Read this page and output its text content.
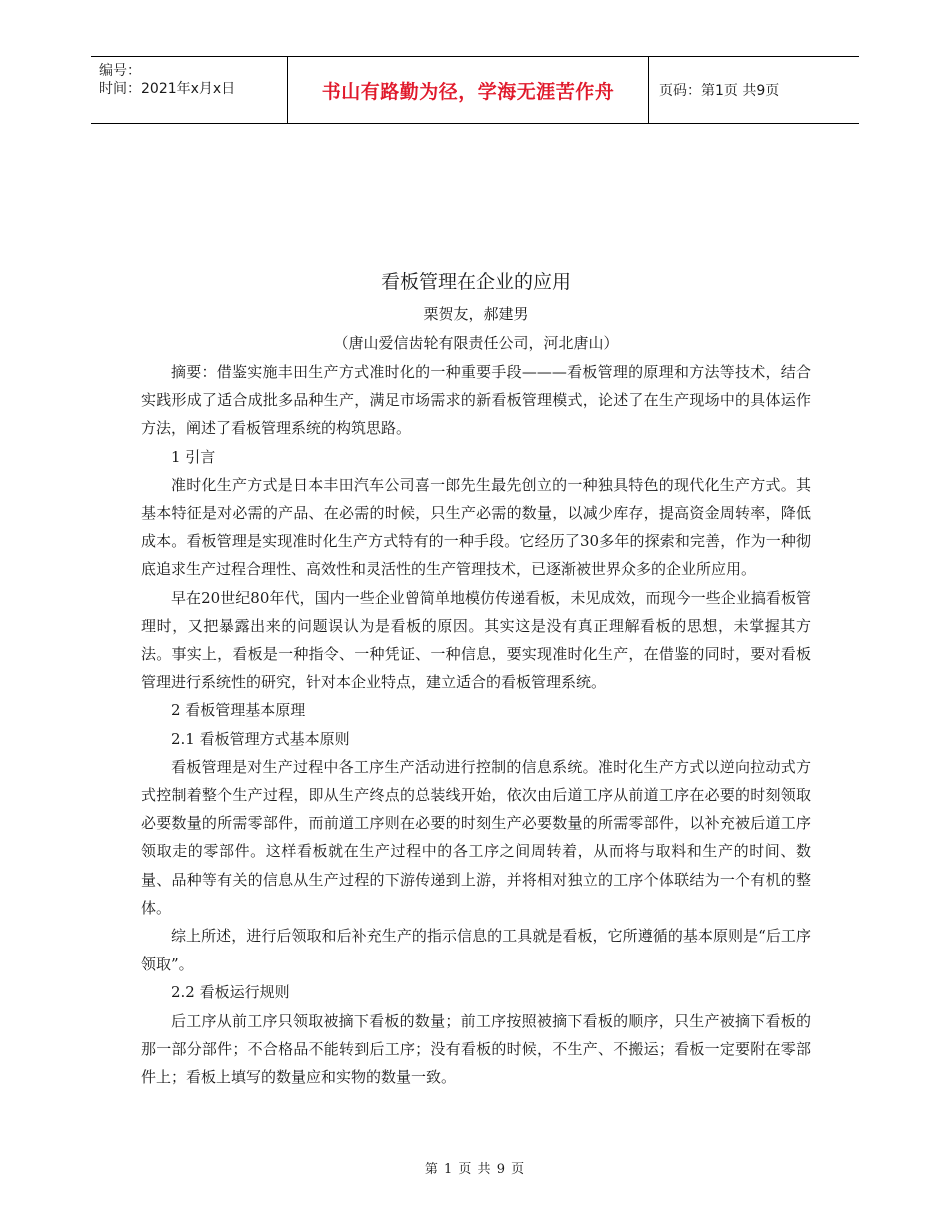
编号：
时间：2021年x月x日	书山有路勤为径，学海无涯苦作舟	页码：第1页 共9页

看板管理在企业的应用

栗贺友，郝建男

（唐山爱信齿轮有限责任公司，河北唐山）

摘要：借鉴实施丰田生产方式准时化的一种重要手段———看板管理的原理和方法等技术，结合实践形成了适合成批多品种生产，满足市场需求的新看板管理模式，论述了在生产现场中的具体运作方法，阐述了看板管理系统的构筑思路。

1 引言

准时化生产方式是日本丰田汽车公司喜一郎先生最先创立的一种独具特色的现代化生产方式。其基本特征是对必需的产品、在必需的时候，只生产必需的数量，以减少库存，提高资金周转率，降低成本。看板管理是实现准时化生产方式特有的一种手段。它经历了30多年的探索和完善，作为一种彻底追求生产过程合理性、高效性和灵活性的生产管理技术，已逐渐被世界众多的企业所应用。

早在20世纪80年代，国内一些企业曾简单地模仿传递看板，未见成效，而现今一些企业搞看板管理时，又把暴露出来的问题误认为是看板的原因。其实这是没有真正理解看板的思想，未掌握其方法。事实上，看板是一种指令、一种凭证、一种信息，要实现准时化生产，在借鉴的同时，要对看板管理进行系统性的研究，针对本企业特点，建立适合的看板管理系统。

2 看板管理基本原理

2.1 看板管理方式基本原则

看板管理是对生产过程中各工序生产活动进行控制的信息系统。准时化生产方式以逆向拉动式方式控制着整个生产过程，即从生产终点的总装线开始，依次由后道工序从前道工序在必要的时刻领取必要数量的所需零部件，而前道工序则在必要的时刻生产必要数量的所需零部件，以补充被后道工序领取走的零部件。这样看板就在生产过程中的各工序之间周转着，从而将与取料和生产的时间、数量、品种等有关的信息从生产过程的下游传递到上游，并将相对独立的工序个体联结为一个有机的整体。

综上所述，进行后领取和后补充生产的指示信息的工具就是看板，它所遵循的基本原则是“后工序领取”。

2.2 看板运行规则

后工序从前工序只领取被摘下看板的数量；前工序按照被摘下看板的顺序，只生产被摘下看板的那一部分部件；不合格品不能转到后工序；没有看板的时候，不生产、不搬运；看板一定要附在零部件上；看板上填写的数量应和实物的数量一致。

第 1 页 共 9 页
